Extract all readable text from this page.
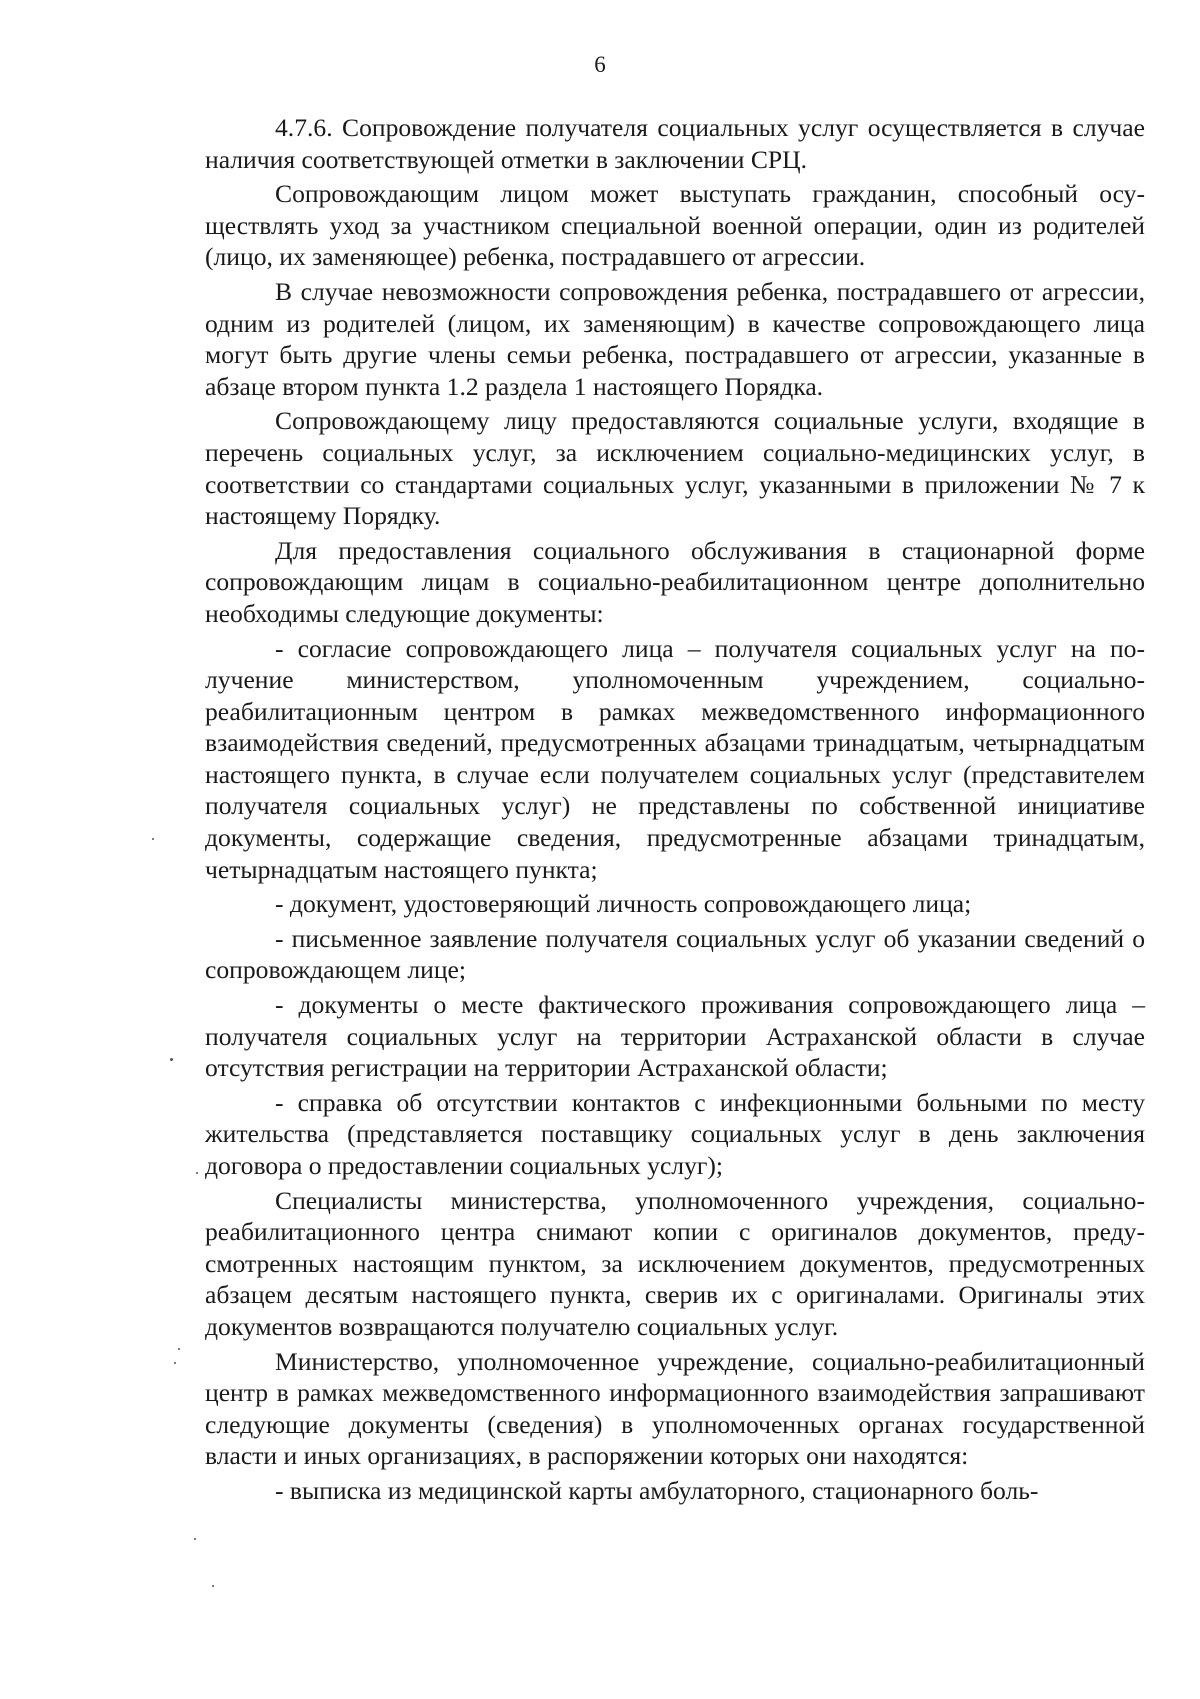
6

4.7.6. Сопровождение получателя социальных услуг осуществляется в случае наличия соответствующей отметки в заключении СРЦ.

Сопровождающим лицом может выступать гражданин, способный осуществлять уход за участником специальной военной операции, один из родителей (лицо, их заменяющее) ребенка, пострадавшего от агрессии.

В случае невозможности сопровождения ребенка, пострадавшего от агрессии, одним из родителей (лицом, их заменяющим) в качестве сопровождающего лица могут быть другие члены семьи ребенка, пострадавшего от агрессии, указанные в абзаце втором пункта 1.2 раздела 1 настоящего Порядка.

Сопровождающему лицу предоставляются социальные услуги, входящие в перечень социальных услуг, за исключением социально-медицинских услуг, в соответствии со стандартами социальных услуг, указанными в приложении № 7 к настоящему Порядку.

Для предоставления социального обслуживания в стационарной форме сопровождающим лицам в социально-реабилитационном центре дополнительно необходимы следующие документы:

- согласие сопровождающего лица – получателя социальных услуг на получение министерством, уполномоченным учреждением, социально-реабилитационным центром в рамках межведомственного информационного взаимодействия сведений, предусмотренных абзацами тринадцатым, четырнадцатым настоящего пункта, в случае если получателем социальных услуг (представителем получателя социальных услуг) не представлены по собственной инициативе документы, содержащие сведения, предусмотренные абзацами тринадцатым, четырнадцатым настоящего пункта;

- документ, удостоверяющий личность сопровождающего лица;

- письменное заявление получателя социальных услуг об указании сведений о сопровождающем лице;

- документы о месте фактического проживания сопровождающего лица – получателя социальных услуг на территории Астраханской области в случае отсутствия регистрации на территории Астраханской области;

- справка об отсутствии контактов с инфекционными больными по месту жительства (представляется поставщику социальных услуг в день заключения договора о предоставлении социальных услуг);

Специалисты министерства, уполномоченного учреждения, социально-реабилитационного центра снимают копии с оригиналов документов, предусмотренных настоящим пунктом, за исключением документов, предусмотренных абзацем десятым настоящего пункта, сверив их с оригиналами. Оригиналы этих документов возвращаются получателю социальных услуг.

Министерство, уполномоченное учреждение, социально-реабилитационный центр в рамках межведомственного информационного взаимодействия запрашивают следующие документы (сведения) в уполномоченных органах государственной власти и иных организациях, в распоряжении которых они находятся:

- выписка из медицинской карты амбулаторного, стационарного боль-
